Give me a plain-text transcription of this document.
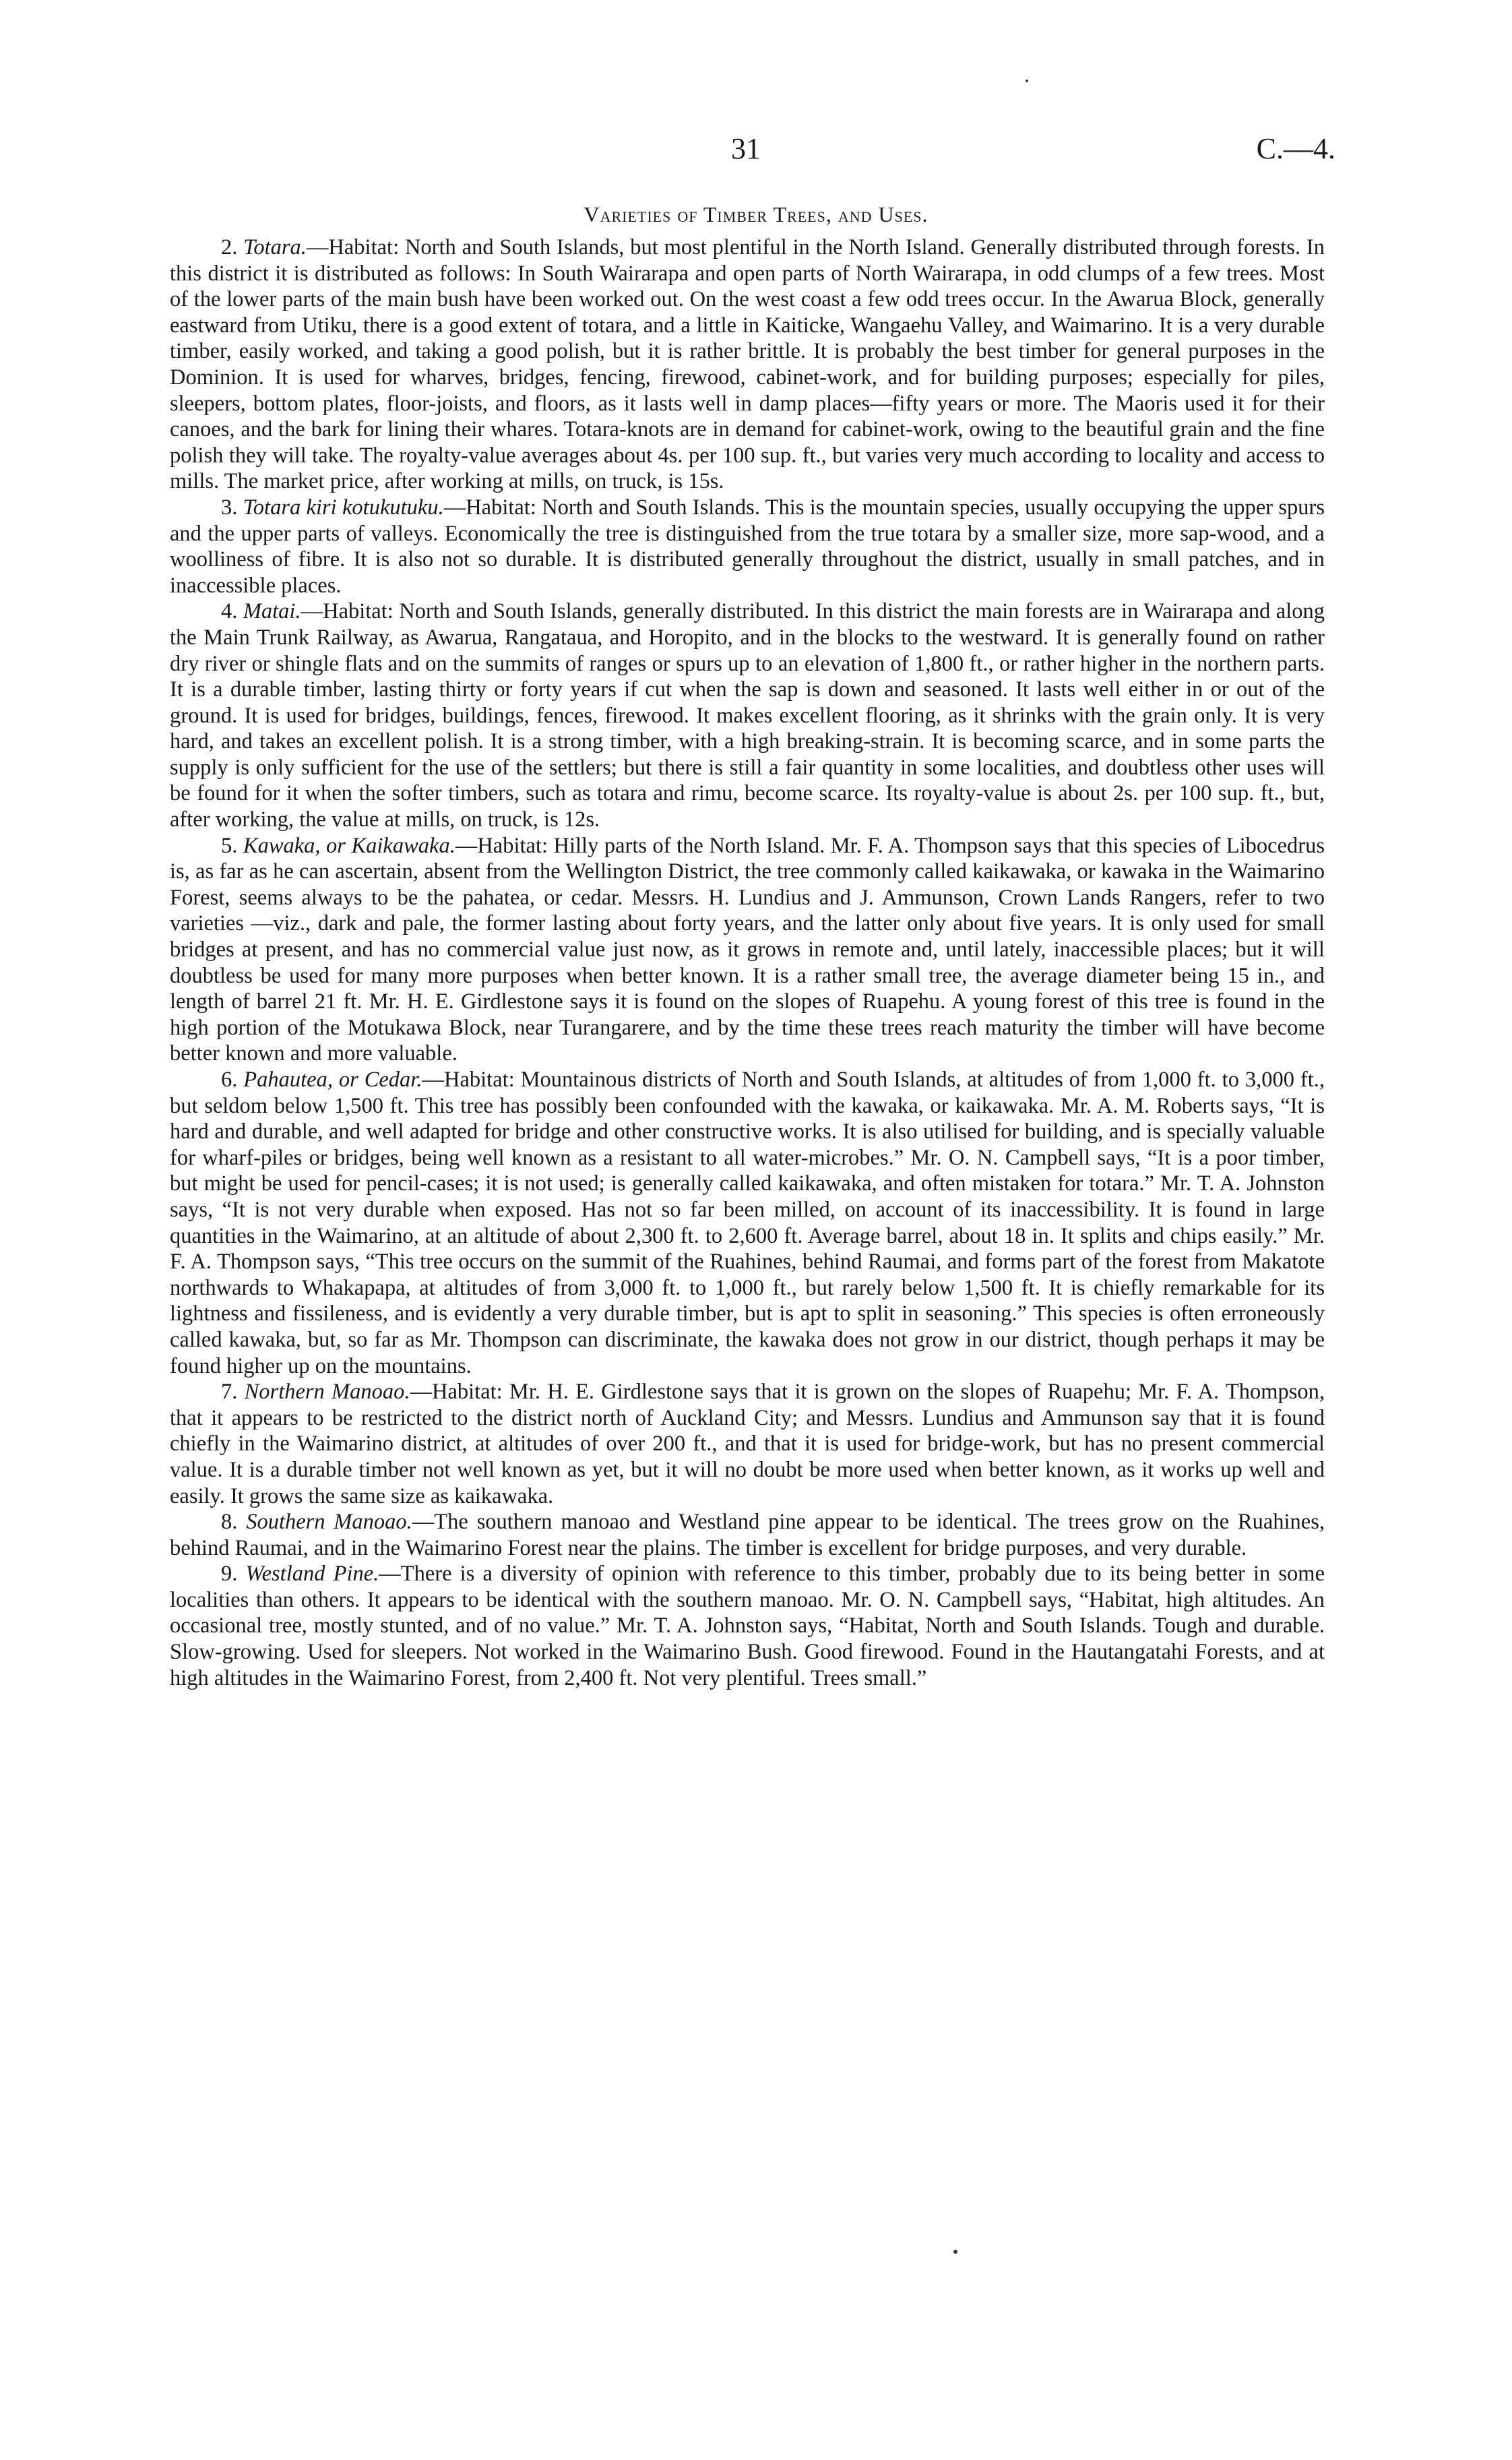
31	C.—4.
Varieties of Timber Trees, and Uses.

2. Totara.—Habitat: North and South Islands, but most plentiful in the North Island. Generally distributed through forests. In this district it is distributed as follows: In South Wairarapa and open parts of North Wairarapa, in odd clumps of a few trees. Most of the lower parts of the main bush have been worked out. On the west coast a few odd trees occur. In the Awarua Block, generally eastward from Utiku, there is a good extent of totara, and a little in Kaiticke, Wangaehu Valley, and Waimarino. It is a very durable timber, easily worked, and taking a good polish, but it is rather brittle. It is probably the best timber for general purposes in the Dominion. It is used for wharves, bridges, fencing, firewood, cabinet-work, and for building purposes; especially for piles, sleepers, bottom plates, floor-joists, and floors, as it lasts well in damp places—fifty years or more. The Maoris used it for their canoes, and the bark for lining their whares. Totara-knots are in demand for cabinet-work, owing to the beautiful grain and the fine polish they will take. The royalty-value averages about 4s. per 100 sup. ft., but varies very much according to locality and access to mills. The market price, after working at mills, on truck, is 15s.

3. Totara kiri kotukutuku.—Habitat: North and South Islands. This is the mountain species, usually occupying the upper spurs and the upper parts of valleys. Economically the tree is distinguished from the true totara by a smaller size, more sap-wood, and a woolliness of fibre. It is also not so durable. It is distributed generally throughout the district, usually in small patches, and in inaccessible places.

4. Matai.—Habitat: North and South Islands, generally distributed. In this district the main forests are in Wairarapa and along the Main Trunk Railway, as Awarua, Rangataua, and Horopito, and in the blocks to the westward. It is generally found on rather dry river or shingle flats and on the summits of ranges or spurs up to an elevation of 1,800 ft., or rather higher in the northern parts. It is a durable timber, lasting thirty or forty years if cut when the sap is down and seasoned. It lasts well either in or out of the ground. It is used for bridges, buildings, fences, firewood. It makes excellent flooring, as it shrinks with the grain only. It is very hard, and takes an excellent polish. It is a strong timber, with a high breaking-strain. It is becoming scarce, and in some parts the supply is only sufficient for the use of the settlers; but there is still a fair quantity in some localities, and doubtless other uses will be found for it when the softer timbers, such as totara and rimu, become scarce. Its royalty-value is about 2s. per 100 sup. ft., but, after working, the value at mills, on truck, is 12s.

5. Kawaka, or Kaikawaka.—Habitat: Hilly parts of the North Island. Mr. F. A. Thompson says that this species of Libocedrus is, as far as he can ascertain, absent from the Wellington District, the tree commonly called kaikawaka, or kawaka in the Waimarino Forest, seems always to be the pahatea, or cedar. Messrs. H. Lundius and J. Ammunson, Crown Lands Rangers, refer to two varieties —viz., dark and pale, the former lasting about forty years, and the latter only about five years. It is only used for small bridges at present, and has no commercial value just now, as it grows in remote and, until lately, inaccessible places; but it will doubtless be used for many more purposes when better known. It is a rather small tree, the average diameter being 15 in., and length of barrel 21 ft. Mr. H. E. Girdlestone says it is found on the slopes of Ruapehu. A young forest of this tree is found in the high portion of the Motukawa Block, near Turangarere, and by the time these trees reach maturity the timber will have become better known and more valuable.

6. Pahautea, or Cedar.—Habitat: Mountainous districts of North and South Islands, at altitudes of from 1,000 ft. to 3,000 ft., but seldom below 1,500 ft. This tree has possibly been confounded with the kawaka, or kaikawaka. Mr. A. M. Roberts says, “It is hard and durable, and well adapted for bridge and other constructive works. It is also utilised for building, and is specially valuable for wharf-piles or bridges, being well known as a resistant to all water-microbes.” Mr. O. N. Campbell says, “It is a poor timber, but might be used for pencil-cases; it is not used; is generally called kaikawaka, and often mistaken for totara.” Mr. T. A. Johnston says, “It is not very durable when exposed. Has not so far been milled, on account of its inaccessibility. It is found in large quantities in the Waimarino, at an altitude of about 2,300 ft. to 2,600 ft. Average barrel, about 18 in. It splits and chips easily.” Mr. F. A. Thompson says, “This tree occurs on the summit of the Ruahines, behind Raumai, and forms part of the forest from Makatote northwards to Whakapapa, at altitudes of from 3,000 ft. to 1,000 ft., but rarely below 1,500 ft. It is chiefly remarkable for its lightness and fissileness, and is evidently a very durable timber, but is apt to split in seasoning.” This species is often erroneously called kawaka, but, so far as Mr. Thompson can discriminate, the kawaka does not grow in our district, though perhaps it may be found higher up on the mountains.

7. Northern Manoao.—Habitat: Mr. H. E. Girdlestone says that it is grown on the slopes of Ruapehu; Mr. F. A. Thompson, that it appears to be restricted to the district north of Auckland City; and Messrs. Lundius and Ammunson say that it is found chiefly in the Waimarino district, at altitudes of over 200 ft., and that it is used for bridge-work, but has no present commercial value. It is a durable timber not well known as yet, but it will no doubt be more used when better known, as it works up well and easily. It grows the same size as kaikawaka.

8. Southern Manoao.—The southern manoao and Westland pine appear to be identical. The trees grow on the Ruahines, behind Raumai, and in the Waimarino Forest near the plains. The timber is excellent for bridge purposes, and very durable.

9. Westland Pine.—There is a diversity of opinion with reference to this timber, probably due to its being better in some localities than others. It appears to be identical with the southern manoao. Mr. O. N. Campbell says, “Habitat, high altitudes. An occasional tree, mostly stunted, and of no value.” Mr. T. A. Johnston says, “Habitat, North and South Islands. Tough and durable. Slow-growing. Used for sleepers. Not worked in the Waimarino Bush. Good firewood. Found in the Hautangatahi Forests, and at high altitudes in the Waimarino Forest, from 2,400 ft. Not very plentiful. Trees small.”
